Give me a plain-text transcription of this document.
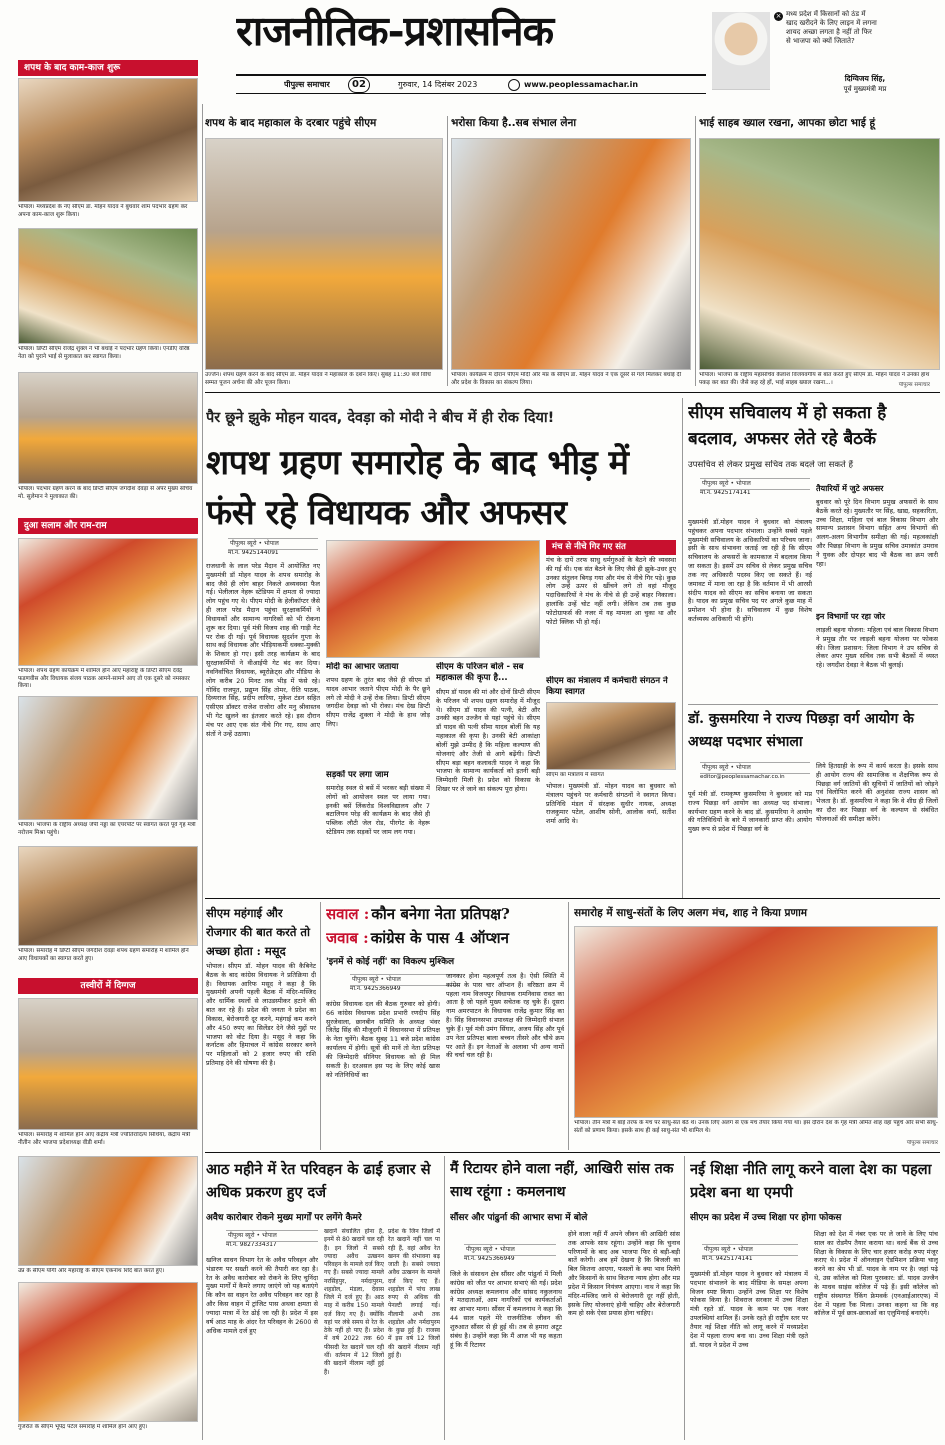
राजनीतिक-प्रशासनिक
पीपुल्स समाचार	02	गुरुवार, 14 दिसंबर 2023	www.peoplessamachar.in
× मध्य प्रदेश में किसानों को ठंड में खाद खरीदने के लिए लाइन में लगना शायद अच्छा लगता है नहीं तो फिर से भाजपा को क्यों जिताते?
दिग्विजय सिंह,
पूर्व मुख्यमंत्री मप्र
शपथ के बाद काम-काज शुरू
भोपाल। मध्यप्रदेश के नए सीएम डॉ. मोहन यादव ने बुधवार शाम पदभार ग्रहण कर अपना काम-काज शुरू किया।
भोपाल। डिप्टी सीएम राजेंद्र शुक्ल ने भी बधाई ने पदभार ग्रहण किया। एनडीए वरिष्ठ नेता को पुराने भाई से मुलाकात कर स्वागत किया।
भोपाल। पदभार ग्रहण करने के बाद डिप्टी सीएम जगदीश देवड़ा से अपर मुख्य सचिव मो. सुलेमान ने मुलाकात की।
दुआ सलाम और राम-राम
भोपाल। शपथ ग्रहण कार्यक्रम में शामिल होने आए महाराष्ट्र के डिप्टी सीएम देवेंद्र फडणवीस और विधायक संजय पाठक आमने-सामने आए तो एक दूसरे को नमस्कार किया।
भोपाल। भाजपा के राष्ट्रीय अध्यक्ष जेपी नड्डा का एयरपोर्ट पर स्वागत करते पूर्व गृह मंत्री नरोत्तम मिश्रा पहुंचे।
भोपाल। समारोह में डिप्टी सीएम जगदीश देवड़ा शपथ ग्रहण समारोह में शामिल होने आए विधायकों का स्वागत करते हुए।
तस्वीरों में दिग्गज
भोपाल। समारोह में शामिल होने आए केंद्रीय मंत्री ज्योतिरादित्य सिंधिया, केंद्रीय मंत्री नीतीन और भाजपा प्रदेशाध्यक्ष वीडी शर्मा।
उप्र के सीएम योगी और महाराष्ट्र के सीएम एकनाथ शिंदे बात करते हुए।
गुजरात के सीएम भूपेंद्र पटेल समारोह में शामिल होने आए हुए।
शपथ के बाद महाकाल के दरबार पहुंचे सीएम
उज्जैन। शपथ ग्रहण करने के बाद सीएम डॉ. मोहन यादव ने महाकाल के दर्शन किए। सुबह 11:30 बजे विधि सम्मत पूजन अर्चना की और पूजन किया।
भरोसा किया है..सब संभाल लेना
भोपाल। कार्यक्रम में दौरान पीएम मोदी और मप्र के सीएम डॉ. मोहन यादव ने एक दूसरे से गले मिलकर बधाई दी और प्रदेश के विकास का संकल्प लिया।
भाई साहब ख्याल रखना, आपका छोटा भाई हूं
भोपाल। भाजपा के राष्ट्रीय महासचिव कैलाश विजयवर्गीय से बात करते हुए सीएम डॉ. मोहन यादव ने उनका हाथ पकड़ कर बात की। जैसे कह रहे हों, भाई साहब ख्याल रखना...।	पीपुल्स समाचार
पैर छूने झुके मोहन यादव, देवड़ा को मोदी ने बीच में ही रोक दिया!
शपथ ग्रहण समारोह के बाद भीड़ में फंसे रहे विधायक और अफसर
पीपुल्स ब्यूरो • भोपाल
मो.नं. 9425144091
राजधानी के लाल परेड मैदान में आयोजित नए मुख्यमंत्री डॉ मोहन यादव के शपथ समारोह के बाद जैसे ही लोग बाहर निकले अव्यवस्था फैल गई। भेलीलाल नेहरू स्टेडियम में क्षमता से ज्यादा लोग पहुंच गए थे। पीएम मोदी के हेलीकॉप्टर जैसे ही लाल परेड मैदान पहुंचा सुरक्षाकर्मियों ने विधायकों और सामान्य नागरिकों को भी रोकना शुरू कर दिया। पूर्व मंत्री विजय शाह की गाड़ी गेट पर रोक दी गई। पूर्व विधायक सुदर्शन गुप्ता के साथ कई विधायक और भीड़ियाकर्मी धक्का-मुक्की के शिकार हो गए। इसी तरह कार्यक्रम के बाद सुरक्षाकर्मियों ने वीआईपी गेट बंद कर दिया। नवनिर्वाचित विधायक, ब्यूरोक्रेट्स और मीडिया के लोग करीब 20 मिनट तक भीड़ में फंसे रहे। गोविंद राजपूत, प्रद्युम्न सिंह तोमर, रीति पाठक, दिव्यराज सिंह, प्रदीप लारिया, मुकेश टंडन सहित एसीएस डॉक्टर राजेश राजोरा और मनु श्रीवास्तव भी गेट खुलने का इंतजार करते रहे। इस दौरान मंच पर आए एक संत नीचे गिर गए, साथ आए संतों ने उन्हें उठाया।
मोदी का आभार जताया
शपथ ग्रहण के तुरंत बाद जैसे ही सीएम डॉ यादव आभार जताने पीएम मोदी के पैर छूने लगे तो मोदी ने उन्हें रोक लिया। डिप्टी सीएम जगदीश देवड़ा को भी रोका। मंच देख डिप्टी सीएम राजेंद्र शुक्ला ने मोदी के हाथ जोड़ लिए।
सड़कों पर लगा जाम
समारोह स्थल से बसें में भरकर बड़ी संख्या में लोगों को आयोजन स्थल पर लाया गया। इनकी बसें लिंकरोड विश्वविद्यालय और 7 बटालियन परेड़ की कार्यक्रम के बाद जैसे ही पब्लिक लौटी जेल रोड, पीरगेट के नेहरू स्टेडियम तक सड़कों पर जाम लग गया।
सीएम के परिजन बोले - सब महाकाल की कृपा है...
सीएम डॉ यादव की मां और दोनों डिप्टी सीएम के परिजन भी शपथ ग्रहण समारोह में मौजूद थे। सीएम डॉ यादव की पत्नी, बेटी और उनकी बहन उज्जैन से यहां पहुंचे थे। सीएम डॉ यादव की पत्नी सीमा यादव बोलीं कि यह महाकाल की कृपा है। उनकी बेटी आकांक्षा बोलीं मुझे उम्मीद है कि महिला कल्याण की योजनाएं और तेजी से आगे बढ़ेंगी। डिप्टी सीएम बड़ा बहन कलावती यादव ने कहा कि भाजपा के सामान्य कार्यकर्ता को इतनी बड़ी जिम्मेदारी मिली है। प्रदेश को विकास के शिखर पर ले जाने का संकल्प पूरा होगा।
मंच से नीचे गिर गए संत
मंच के दायें तरफ साधु धर्मगुरुओं के बैठने की व्यवस्था की गई थी। एक संत बैठने के लिए जैसे ही झुके-उधर हुए उनका संतुलन बिगड़ गया और मंच से नीचे गिर पड़े। कुछ लोग उन्हें ऊपर से खींचने लगे तो वहां मौजूद पदाधिकारियों ने मंच के नीचे से ही उन्हें बाहर निकाला। हालांकि उन्हें चोट नहीं लगी। लेकिन तब तक कुछ फोटोग्राफर्स की नजर में यह मामला आ चुका था और फोटो क्लिक भी हो गई।
सीएम का मंत्रालय में कर्मचारी संगठन ने किया स्वागत
सीएम का मंत्रालय में स्वागत
भोपाल। मुख्यमंत्री डॉ. मोहन यादव का बुधवार को मंत्रालय पहुंचने पर कर्मचारी संगठनों ने स्वागत किया। प्रतिनिधि मंडल में संरक्षक सुधीर नायक, अध्यक्ष राजकुमार पटेल, आशीष सोनी, आलोक वर्मा, सतीश शर्मा आदि थे।
सीएम सचिवालय में हो सकता है बदलाव, अफसर लेते रहे बैठकें
उपसचिव से लेकर प्रमुख सचिव तक बदले जा सकते हैं
पीपुल्स ब्यूरो • भोपाल
मो.नं. 9425174141
मुख्यमंत्री डॉ.मोहन यादव ने बुधवार को मंत्रालय पहुंचकर अपना पदभार संभाला। उन्होंने सबसे पहले मुख्यमंत्री सचिवालय के अधिकारियों का परिचय जाना। इसी के साथ संभावना जताई जा रही है कि सीएम सचिवालय के अफसरों के कामकाज में बदलाव किया जा सकता है। इसमें उप सचिव से लेकर प्रमुख सचिव तक नए अधिकारी पदस्थ किए जा सकते हैं। नई जमावट में माना जा रहा है कि वर्तमान में भी आरसी संदीप यादव को सीएम का सचिव बनाया जा सकता है। यादव का प्रमुख सचिव पद पर अगले कुछ माह में प्रमोशन भी होना है। सचिवालय में कुछ विशेष कर्तव्यस्थ अधिकारी भी होंगे।
तैयारियों में जुटे अफसर
बुधवार को पूरे दिन विभाग प्रमुख अफसरों के साथ बैठकें करते रहे। मुख्यतौर पर सिंह, खाद्य, सहकारिता, उच्च शिक्षा, महिला एवं बाल विकास विभाग और सामान्य प्रशासन विभाग सहित अन्य विभागों की अलग-अलग विभागीय समीक्षा की गई। महत्वकांक्षी और पिछड़ा विभाग के प्रमुख सचिव उमाकांत उमराव ने युवक और दोपहर बाद भी बैठक का क्रम जारी रहा।
इन विभागों पर रहा जोर
लाड़ली बहना योजना: महिला एवं बाल विकास विभाग ने प्रमुख तौर पर लाड़ली बहना योजना पर फोकस की। जिला प्रशासन: जिला विभाग ने उप सचिव से लेकर अपर मुख्य सचिव तक सभी बैठकों में व्यस्त रहे। जगदीश देवड़ा ने बैठक भी बुलाई।
डॉ. कुसमरिया ने राज्य पिछड़ा वर्ग आयोग के अध्यक्ष पदभार संभाला
पीपुल्स ब्यूरो • भोपाल
editor@peoplessamachar.co.in
पूर्व मंत्री डॉ. रामकृष्ण कुसमरिया ने बुधवार को मप्र राज्य पिछड़ा वर्ग आयोग का अध्यक्ष पद संभाला। कार्यभार ग्रहण करने के बाद डॉ. कुसमरिया ने आयोग की गतिविधियों के बारे में जानकारी प्राप्त की। आयोग मुख्य रूप से प्रदेश में पिछड़ा वर्ग के
लिये हितग्राही के रूप में कार्य करता है। इसके साथ ही आयोग राज्य की सामाजिक व शैक्षणिक रूप से पिछड़ा वर्ग जातियों की सूचियों में जातियों को जोड़ने एवं विलोपित करने की अनुशंसा राज्य शासन को भेजता है। डॉ. कुसमरिया ने कहा कि वे शीघ्र ही जिलों का दौरा कर पिछड़ा वर्ग के कल्याण से संबंधित योजनाओं की समीक्षा करेंगे।
सीएम महंगाई और रोजगार की बात करते तो अच्छा होता : मसूद
भोपाल। सीएम डॉ. मोहन यादव की कैबिनेट बैठक के बाद कांग्रेस विधायक ने प्रतिक्रिया दी है। विधायक आरिफ मसूद ने कहा है कि मुख्यमंत्री अपनी पहली बैठक में मंदिर-मस्जिद और धार्मिक स्थलों से लाउडस्पीकर हटाने की बात कर रहे हैं। प्रदेश की जनता ने प्रदेश का विकास, बेरोजगारी दूर करने, महंगाई कम करने और 450 रुपए का सिलेंडर देने जैसे मुद्दों पर भाजपा को वोट दिया है। मसूद ने कहा कि कर्नाटक और हिमाचल में कांग्रेस सरकार बनने पर महिलाओं को 2 हजार रुपए की राशि प्रतिमाह देने की घोषणा की है।
सवाल : कौन बनेगा नेता प्रतिपक्ष?
जवाब : कांग्रेस के पास 4 ऑप्शन
'इनमें से कोई नहीं' का विकल्प मुश्किल
पीपुल्स ब्यूरो • भोपाल
मो.नं. 9425366949
कांग्रेस विधायक दल की बैठक गुरुवार को होगी। 66 कांग्रेस विधायक प्रदेश प्रभारी रणदीप सिंह सुरजेवाला, छानबीन समिति के अध्यक्ष भंवर जितेंद्र सिंह की मौजूदगी में विधानसभा में प्रतिपक्ष के नेता चुनेंगे। बैठक सुबह 11 बजे प्रदेश कांग्रेस कार्यालय में होगी। सूत्रों की मानें तो नेता प्रतिपक्ष की जिम्मेदारी सीनियर विधायक को ही मिल सकती है। दरअसल इस पद के लिए कोई खास को नतिनिधियों का
जानकार होना महत्वपूर्ण तत्व है। ऐसी स्थिति में कांग्रेस के पास चार ऑप्शन हैं। वरिष्ठता क्रम में पहला नाम विजयपुर विधायक रामनिवास रावत का आता है जो पहले मुख्य सचेतक रह चुके हैं। दूसरा नाम अमरपाटन के विधायक राजेंद्र कुमार सिंह का है। सिंह विधानसभा उपाध्यक्ष की जिम्मेदारी संभाल चुके हैं। पूर्व मंत्री उमंग सिंघार, अजय सिंह और पूर्व उप नेता प्रतिपक्ष बाला बच्चन तीसरे और चौथे क्रम पर आते हैं। इन नेताओं के अलावा भी अन्य नामों की चर्चा चल रही है।
समारोह में साधु-संतों के लिए अलग मंच, शाह ने किया प्रणाम
भोपाल। तीन मंत्रों में बाईं तरफ के मंच पर साधु-संत बैठे थे। उनके लिए अलग से एक मंच तैयार किया गया था। इस दौरान देश के गृह मंत्री अमित शाह वहां पहुंचे और सभी साधु-संतों को प्रणाम किया। इसके साथ ही कई साधु-संत भी शामिल थे।
पीपुल्स समाचार
आठ महीने में रेत परिवहन के ढाई हजार से अधिक प्रकरण हुए दर्ज
अवैध कारोबार रोकने मुख्य मार्गों पर लगेंगे कैमरे
पीपुल्स ब्यूरो • भोपाल
मो.नं. 9827334317
खनिज साधन विभाग रेत के अवैध परिवहन और भंडारण पर सख्ती करने की तैयारी कर रहा है। रेत के अवैध कारोबार को रोकने के लिए चुनिंदा मुख्य मार्गों में कैमरे लगाए जाएंगे जो यह बताएंगे कि कौन सा वाहन रेत अवैध परिवहन कर रहा है और किस वाहन में ट्रांजिट पास अथवा क्षमता से ज्यादा मात्रा में रेत ढोई जा रही है। प्रदेश में इस वर्ष आठ माह के अंदर रेत परिवहन के 2600 से अधिक मामले दर्ज हुए
खदानें संचालित होना है, इनमें से 80 खदानें चल रही हैं। इन जिलों में सबसे ज्यादा अवैध उत्खनन परिवहन के मामले दर्ज किए गए हैं। सबसे ज्यादा मामले नरसिंहपुर, नर्मदापुरम, शहडोल, मंडला, देवास जिले में दर्ज हुए हैं। आठ माह में करीब 150 मामले दर्ज किए गए हैं। क्योंकि यहां पर लंबे समय से रेत के ठेके नहीं हो पाए हैं। प्रदेश में वर्ष 2022 तक 60 फीसदी रेत खदानें चल रही थीं। वर्तमान में 12 जिलों की खदानें नीलाम नहीं हुई हैं।
प्रदेश के जिन जिलों में रेत खदानें नहीं चल पा रही हैं, वहां अवैध रेत खनन की संभावना बढ़ जाती है। सबसे ज्यादा अवैध उत्खनन के मामले दर्ज किए गए हैं। शहडोल में पांच लाख रुपए से अधिक की पेनल्टी लगाई गई। नीलामी अभी तक शहडोल और नर्मदापुरम के कुछ हुई हैं। राजस्व में इस वर्ष 12 जिलों की खदानें नीलाम नहीं हुई हैं।
मैं रिटायर होने वाला नहीं, आखिरी सांस तक साथ रहूंगा : कमलनाथ
सौंसर और पांढुर्ना की आभार सभा में बोले
पीपुल्स ब्यूरो • भोपाल
मो.नं. 9425366949
जिले के संसाधन क्षेत्र सौंसर और पांढुर्ना में मिली कांग्रेस को जीत पर आभार सभाएं की गईं। प्रदेश कांग्रेस अध्यक्ष कमलनाथ और सांसद नकुलनाथ ने मतदाताओं, आम नागरिकों एवं कार्यकर्ताओं का आभार माना। सौंसर में कमलनाथ ने कहा कि 44 साल पहले मेरे राजनीतिक जीवन की शुरुआत सौंसर से ही हुई थी। तब से हमारा अटूट संबंध है। उन्होंने कहा कि मैं आज भी यह कहता हूं कि मैं रिटायर
होने वाला नहीं मैं अपने जीवन की आखिरी सांस तक आपके साथ रहूंगा। उन्होंने कहा कि चुनाव परिणामों के बाद अब भाजपा फिर से बड़ी-बड़ी बातें करेगी। अब हमें देखना है कि बिजली का बिल कितना आएगा, फसलों के क्या भाव मिलेंगे और किसानों के साथ कितना न्याय होगा और मप्र प्रदेश में किसान नियंत्रण आएगा। नाथ ने कहा कि मंदिर-मस्जिद जाने से बेरोजगारी दूर नहीं होती, इसके लिए योजनाएं होनी चाहिए और बेरोजगारी कम हो सके ऐसा प्रयास होना चाहिए।
नई शिक्षा नीति लागू करने वाला देश का पहला प्रदेश बना था एमपी
सीएम का प्रदेश में उच्च शिक्षा पर होगा फोकस
पीपुल्स ब्यूरो • भोपाल
मो.नं. 9425174141
मुख्यमंत्री डॉ.मोहन यादव ने बुधवार को मंत्रालय में पदभार संभालने के बाद मीडिया के समक्ष अपना विजन स्पष्ट किया। उन्होंने उच्च शिक्षा पर विशेष फोकस किया है। शिवराज सरकार में उच्च शिक्षा मंत्री रहते डॉ. यादव के काम पर एक नजर उपलब्धियां शामिल हैं। उनके रहते ही राष्ट्रीय स्तर पर तैयार नई शिक्षा नीति को लागू करने में मध्यप्रदेश देश में पहला राज्य बना था। उच्च शिक्षा मंत्री रहते डॉ. यादव ने प्रदेश में उच्च
शिक्षा को देश में नंबर एक पर ले जाने के लिए पांच साल का रोडमैप तैयार कराया था। वर्ल्ड बैंक से उच्च शिक्षा के विकास के लिए चार हजार करोड़ रुपए मंजूर कराए थे। प्रदेश में ऑनलाइन ऐडमिशन प्रक्रिया चालू करने का श्रेय भी डॉ. यादव के नाम पर है। जहां पढ़े थे, उस कॉलेज को मिला पुरस्कार: डॉ. यादव उज्जैन के माधव साइंस कॉलेज में पढ़े हैं। इसी कॉलेज को राष्ट्रीय संस्थागत रैंकिंग फ्रेमवर्क (एनआईआरएफ) में देश में पहला रैंक मिला। उनका कहना था कि वह कॉलेज में पूर्व छात्र-छात्राओं का एलुमिनाई बनाएंगे।
